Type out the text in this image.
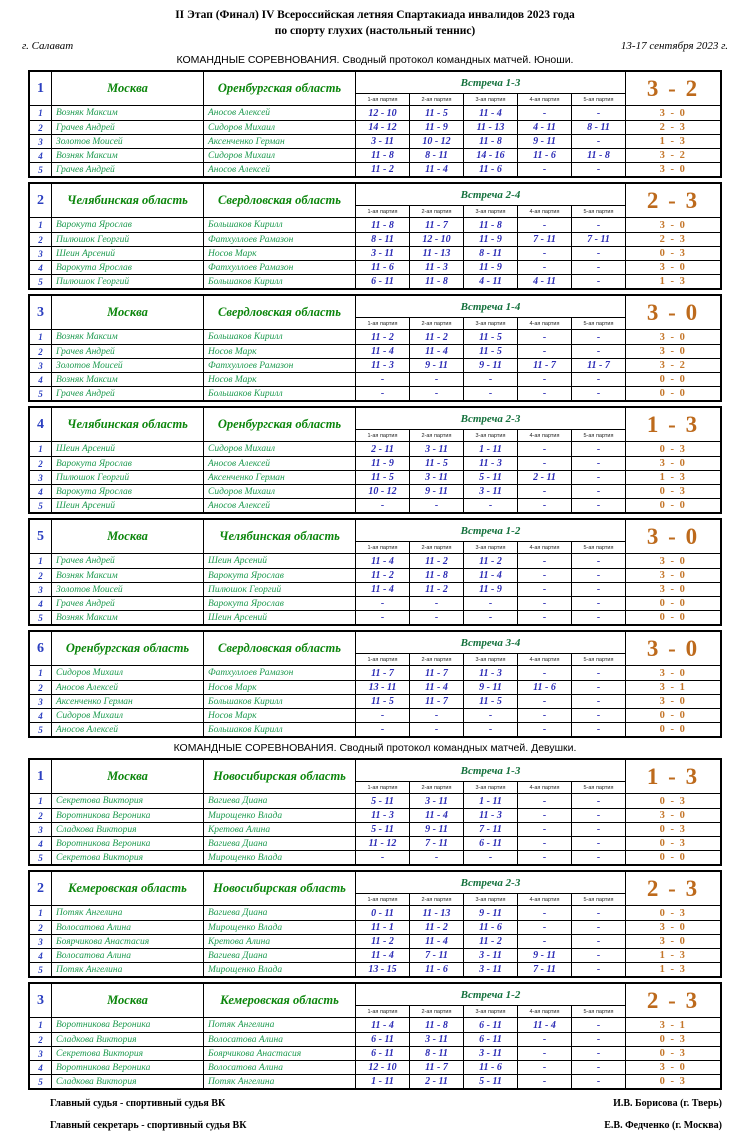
II Этап (Финал) IV Всероссийская летняя Спартакиада инвалидов 2023 года
по спорту глухих (настольный теннис)
г. Салават	13-17 сентября 2023 г.
КОМАНДНЫЕ СОРЕВНОВАНИЯ. Сводный протокол командных матчей. Юноши.
1	Москва	Оренбургская область	Встреча 1-3
1-ая партия	2-ая партия	3-ая партия	4-ая партия	5-ая партия	3 - 2
1	Возняк Максим	Аносов Алексей	12 - 10	11 - 5	11 - 4	-	-	3 - 0
2	Грачев Андрей	Сидоров Михаил	14 - 12	11 - 9	11 - 13	4 - 11	8 - 11	2 - 3
3	Золотов Моисей	Аксенченко Герман	3 - 11	10 - 12	11 - 8	9 - 11	-	1 - 3
4	Возняк Максим	Сидоров Михаил	11 - 8	8 - 11	14 - 16	11 - 6	11 - 8	3 - 2
5	Грачев Андрей	Аносов Алексей	11 - 2	11 - 4	11 - 6	-	-	3 - 0
2	Челябинская область	Свердловская область	Встреча 2-4
1-ая партия	2-ая партия	3-ая партия	4-ая партия	5-ая партия	2 - 3
1	Варокута Ярослав	Большаков Кирилл	11 - 8	11 - 7	11 - 8	-	-	3 - 0
2	Пилюшок Георгий	Фатхуллоев Рамазон	8 - 11	12 - 10	11 - 9	7 - 11	7 - 11	2 - 3
3	Шеин Арсений	Носов Марк	3 - 11	11 - 13	8 - 11	-	-	0 - 3
4	Варокута Ярослав	Фатхуллоев Рамазон	11 - 6	11 - 3	11 - 9	-	-	3 - 0
5	Пилюшок Георгий	Большаков Кирилл	6 - 11	11 - 8	4 - 11	4 - 11	-	1 - 3
3	Москва	Свердловская область	Встреча 1-4
1-ая партия	2-ая партия	3-ая партия	4-ая партия	5-ая партия	3 - 0
1	Возняк Максим	Большаков Кирилл	11 - 2	11 - 2	11 - 5	-	-	3 - 0
2	Грачев Андрей	Носов Марк	11 - 4	11 - 4	11 - 5	-	-	3 - 0
3	Золотов Моисей	Фатхуллоев Рамазон	11 - 3	9 - 11	9 - 11	11 - 7	11 - 7	3 - 2
4	Возняк Максим	Носов Марк	-	-	-	-	-	0 - 0
5	Грачев Андрей	Большаков Кирилл	-	-	-	-	-	0 - 0
4	Челябинская область	Оренбургская область	Встреча 2-3
1-ая партия	2-ая партия	3-ая партия	4-ая партия	5-ая партия	1 - 3
1	Шеин Арсений	Сидоров Михаил	2 - 11	3 - 11	1 - 11	-	-	0 - 3
2	Варокута Ярослав	Аносов Алексей	11 - 9	11 - 5	11 - 3	-	-	3 - 0
3	Пилюшок Георгий	Аксенченко Герман	11 - 5	3 - 11	5 - 11	2 - 11	-	1 - 3
4	Варокута Ярослав	Сидоров Михаил	10 - 12	9 - 11	3 - 11	-	-	0 - 3
5	Шеин Арсений	Аносов Алексей	-	-	-	-	-	0 - 0
5	Москва	Челябинская область	Встреча 1-2
1-ая партия	2-ая партия	3-ая партия	4-ая партия	5-ая партия	3 - 0
1	Грачев Андрей	Шеин Арсений	11 - 4	11 - 2	11 - 2	-	-	3 - 0
2	Возняк Максим	Варокута Ярослав	11 - 2	11 - 8	11 - 4	-	-	3 - 0
3	Золотов Моисей	Пилюшок Георгий	11 - 4	11 - 2	11 - 9	-	-	3 - 0
4	Грачев Андрей	Варокута Ярослав	-	-	-	-	-	0 - 0
5	Возняк Максим	Шеин Арсений	-	-	-	-	-	0 - 0
6	Оренбургская область	Свердловская область	Встреча 3-4
1-ая партия	2-ая партия	3-ая партия	4-ая партия	5-ая партия	3 - 0
1	Сидоров Михаил	Фатхуллоев Рамазон	11 - 7	11 - 7	11 - 3	-	-	3 - 0
2	Аносов Алексей	Носов Марк	13 - 11	11 - 4	9 - 11	11 - 6	-	3 - 1
3	Аксенченко Герман	Большаков Кирилл	11 - 5	11 - 7	11 - 5	-	-	3 - 0
4	Сидоров Михаил	Носов Марк	-	-	-	-	-	0 - 0
5	Аносов Алексей	Большаков Кирилл	-	-	-	-	-	0 - 0
КОМАНДНЫЕ СОРЕВНОВАНИЯ. Сводный протокол командных матчей. Девушки.
1	Москва	Новосибирская область	Встреча 1-3
1-ая партия	2-ая партия	3-ая партия	4-ая партия	5-ая партия	1 - 3
1	Секретова Виктория	Вагиева Диана	5 - 11	3 - 11	1 - 11	-	-	0 - 3
2	Воротникова Вероника	Мирощенко Влада	11 - 3	11 - 4	11 - 3	-	-	3 - 0
3	Сладкова Виктория	Кретова Алина	5 - 11	9 - 11	7 - 11	-	-	0 - 3
4	Воротникова Вероника	Вагиева Диана	11 - 12	7 - 11	6 - 11	-	-	0 - 3
5	Секретова Виктория	Мирощенко Влада	-	-	-	-	-	0 - 0
2	Кемеровская область	Новосибирская область	Встреча 2-3
1-ая партия	2-ая партия	3-ая партия	4-ая партия	5-ая партия	2 - 3
1	Потяк Ангелина	Вагиева Диана	0 - 11	11 - 13	9 - 11	-	-	0 - 3
2	Волосатова Алина	Мирощенко Влада	11 - 1	11 - 2	11 - 6	-	-	3 - 0
3	Боярчикова Анастасия	Кретова Алина	11 - 2	11 - 4	11 - 2	-	-	3 - 0
4	Волосатова Алина	Вагиева Диана	11 - 4	7 - 11	3 - 11	9 - 11	-	1 - 3
5	Потяк Ангелина	Мирощенко Влада	13 - 15	11 - 6	3 - 11	7 - 11	-	1 - 3
3	Москва	Кемеровская область	Встреча 1-2
1-ая партия	2-ая партия	3-ая партия	4-ая партия	5-ая партия	2 - 3
1	Воротникова Вероника	Потяк Ангелина	11 - 4	11 - 8	6 - 11	11 - 4	-	3 - 1
2	Сладкова Виктория	Волосатова Алина	6 - 11	3 - 11	6 - 11	-	-	0 - 3
3	Секретова Виктория	Боярчикова Анастасия	6 - 11	8 - 11	3 - 11	-	-	0 - 3
4	Воротникова Вероника	Волосатова Алина	12 - 10	11 - 7	11 - 6	-	-	3 - 0
5	Сладкова Виктория	Потяк Ангелина	1 - 11	2 - 11	5 - 11	-	-	0 - 3
Главный судья - спортивный судья ВК	И.В. Борисова (г. Тверь)
Главный секретарь - спортивный судья ВК	Е.В. Федченко (г. Москва)
